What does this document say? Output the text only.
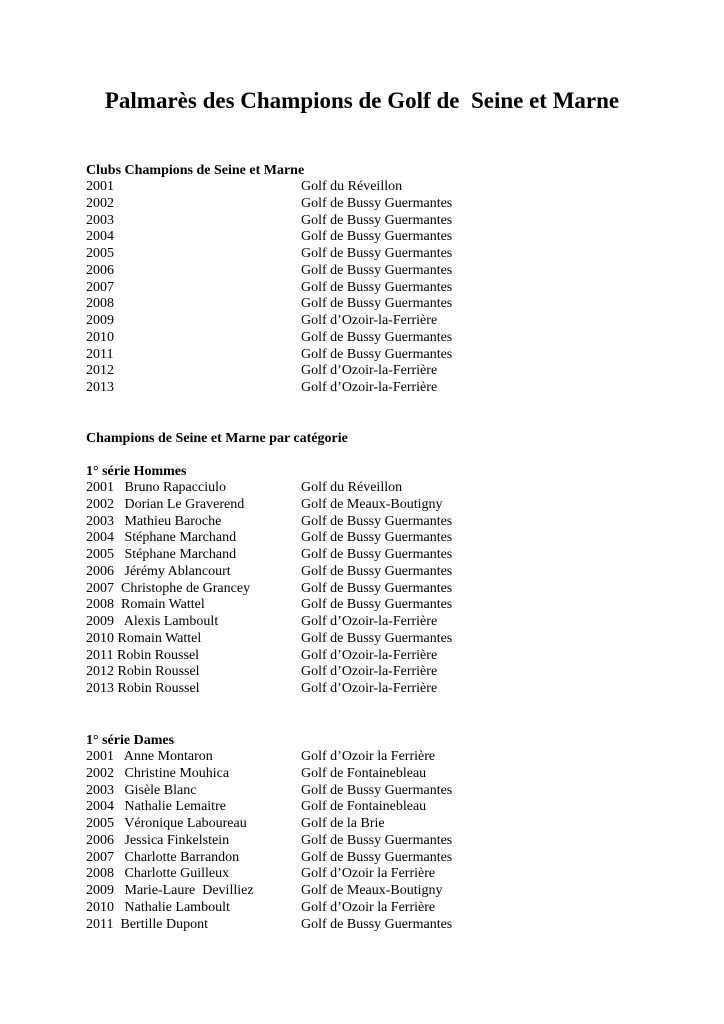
Palmarès des Champions de Golf de  Seine et Marne
Clubs Champions de Seine et Marne
2001	Golf du Réveillon
2002	Golf de Bussy Guermantes
2003	Golf de Bussy Guermantes
2004	Golf de Bussy Guermantes
2005	Golf de Bussy Guermantes
2006	Golf de Bussy Guermantes
2007	Golf de Bussy Guermantes
2008	Golf de Bussy Guermantes
2009	Golf d’Ozoir-la-Ferrière
2010	Golf de Bussy Guermantes
2011	Golf de Bussy Guermantes
2012	Golf d’Ozoir-la-Ferrière
2013	Golf d’Ozoir-la-Ferrière
Champions de Seine et Marne par catégorie
1° série Hommes
2001   Bruno Rapacciulo	Golf du Réveillon
2002   Dorian Le Graverend	Golf de Meaux-Boutigny
2003   Mathieu Baroche	Golf de Bussy Guermantes
2004   Stéphane Marchand	Golf de Bussy Guermantes
2005   Stéphane Marchand	Golf de Bussy Guermantes
2006   Jérémy Ablancourt	Golf de Bussy Guermantes
2007  Christophe de Grancey	Golf de Bussy Guermantes
2008  Romain Wattel	Golf de Bussy Guermantes
2009   Alexis Lamboult	Golf d’Ozoir-la-Ferrière
2010 Romain Wattel	Golf de Bussy Guermantes
2011 Robin Roussel	Golf d’Ozoir-la-Ferrière
2012 Robin Roussel	Golf d’Ozoir-la-Ferrière
2013 Robin Roussel	Golf d’Ozoir-la-Ferrière
1° série Dames
2001   Anne Montaron	Golf d’Ozoir la Ferrière
2002   Christine Mouhica	Golf de Fontainebleau
2003   Gisèle Blanc	Golf de Bussy Guermantes
2004   Nathalie Lemaitre	Golf de Fontainebleau
2005   Véronique Laboureau	Golf de la Brie
2006   Jessica Finkelstein	Golf de Bussy Guermantes
2007   Charlotte Barrandon	Golf de Bussy Guermantes
2008   Charlotte Guilleux	Golf d’Ozoir la Ferrière
2009   Marie-Laure  Devilliez	Golf de Meaux-Boutigny
2010   Nathalie Lamboult	Golf d’Ozoir la Ferrière
2011  Bertille Dupont	Golf de Bussy Guermantes
